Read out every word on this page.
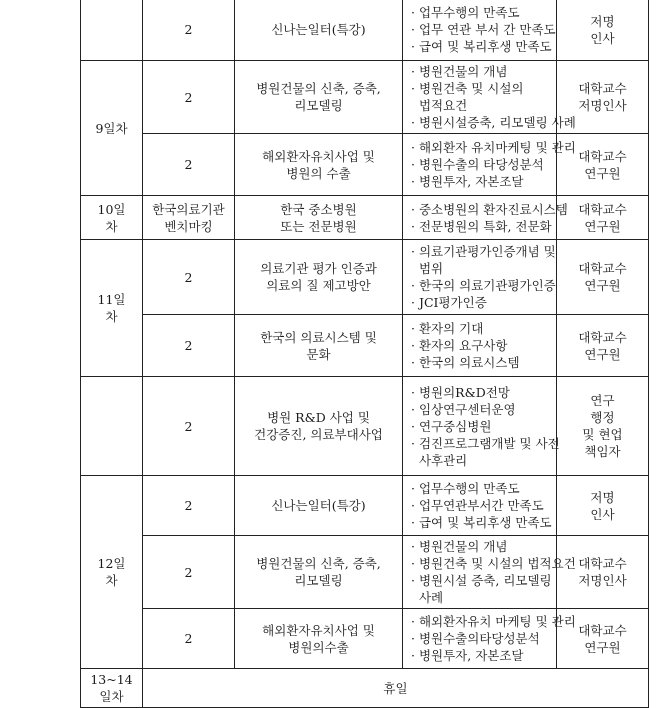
	2	신나는일터(특강)	· 업무수행의 만족도
· 업무 연관 부서 간 만족도
· 급여 및 복리후생 만족도	저명
인사

9일차	2	병원건물의 신축, 증축,
리모델링	· 병원건물의 개념
· 병원건축 및 시설의
법적요건
· 병원시설증축, 리모델링 사례	대학교수
저명인사

	2	해외환자유치사업 및
병원의 수출	· 해외환자 유치마케팅 및 관리
· 병원수출의 타당성분석
· 병원투자, 자본조달	대학교수
연구원

10일
차	한국의료기관
벤치마킹	한국 중소병원
또는 전문병원	· 중소병원의 환자진료시스템
· 전문병원의 특화, 전문화	대학교수
연구원

11일
차	2	의료기관 평가 인증과
의료의 질 제고방안	· 의료기관평가인증개념 및
범위
· 한국의 의료기관평가인증
· JCI평가인증	대학교수
연구원

	2	한국의 의료시스템 및
문화	· 환자의 기대
· 환자의 요구사항
· 한국의 의료시스템	대학교수
연구원

	2	병원 R&D 사업 및
건강증진, 의료부대사업	· 병원의R&D전망
· 임상연구센터운영
· 연구중심병원
· 검진프로그램개발 및 사전
사후관리	연구
행정
및 현업
책임자

12일
차	2	신나는일터(특강)	· 업무수행의 만족도
· 업무연관부서간 만족도
· 급여 및 복리후생 만족도	저명
인사

	2	병원건물의 신축, 증축,
리모델링	· 병원건물의 개념
· 병원건축 및 시설의 법적요건
· 병원시설 증축, 리모델링
사례	대학교수
저명인사

	2	해외환자유치사업 및
병원의수출	· 해외환자유치 마케팅 및 관리
· 병원수출의타당성분석
· 병원투자, 자본조달	대학교수
연구원

13~14
일차	휴일			
